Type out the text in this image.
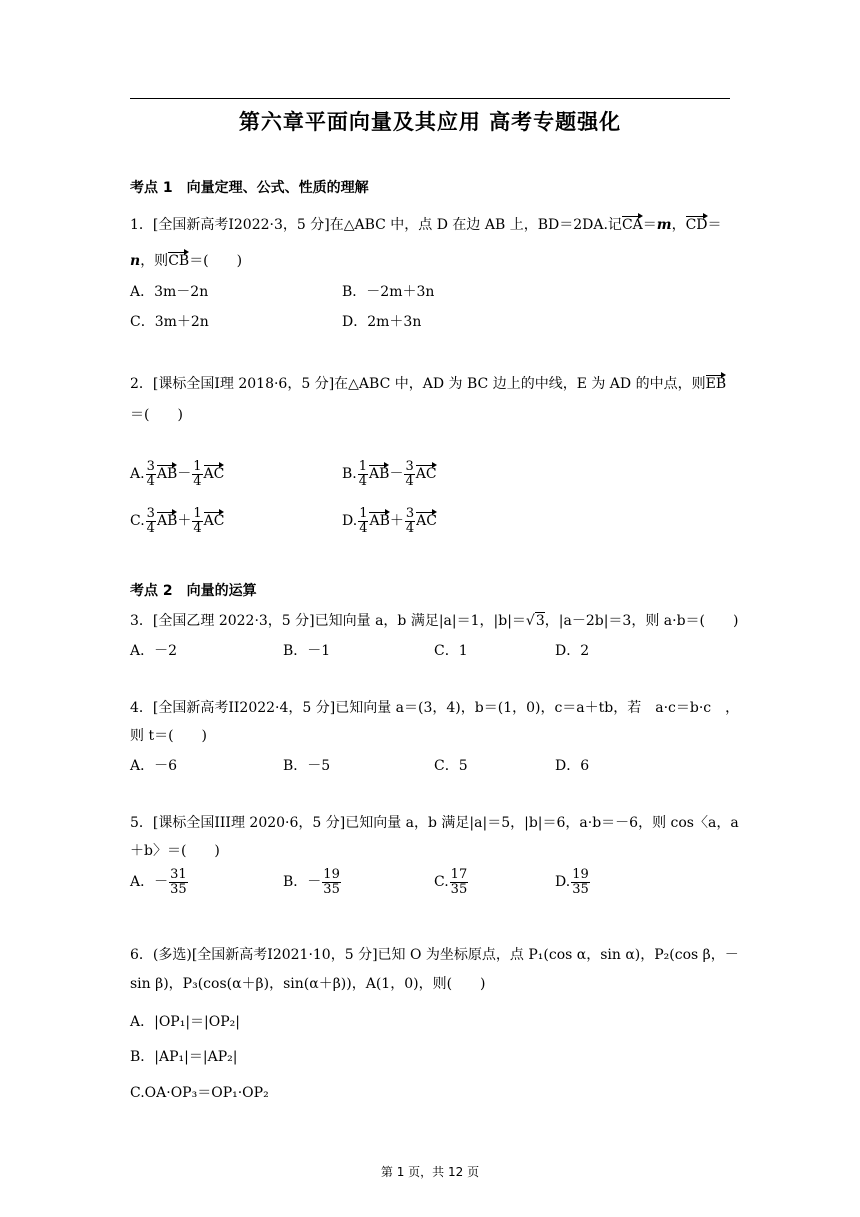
第六章平面向量及其应用 高考专题强化
考点 1　向量定理、公式、性质的理解
1．[全国新高考I2022·3，5 分]在△ABC 中，点 D 在边 AB 上，BD＝2DA.记CA＝m，CD＝
n，则CB＝(　　)
A．3m－2n	B．－2m＋3n
C．3m＋2n	D．2m＋3n
2．[课标全国I理 2018·6，5 分]在△ABC 中，AD 为 BC 边上的中线，E 为 AD 的中点，则EB
＝(　　)
A. $\frac{3}{4} AB- \frac{1}{4}$ AC	B. $\frac{1}{4} AB- \frac{3}{4}$ AC
C. $\frac{3}{4} AB+ \frac{1}{4}$ AC	D. $\frac{1}{4} AB+ \frac{3}{4}$ AC
考点 2　向量的运算
3．[全国乙理 2022·3，5 分]已知向量 a，b 满足|a|＝1，|b|＝√3，|a－2b|＝3，则 a·b＝(　　)
A．－2	B．－1	C．1	D．2
4．[全国新高考II2022·4，5 分]已知向量 a＝(3，4)，b＝(1，0)，c＝a＋tb，若　a·c＝b·c　，
则 t＝(　　)
A．－6	B．－5	C．5	D．6
5．[课标全国III理 2020·6，5 分]已知向量 a，b 满足|a|＝5，|b|＝6，a·b＝－6，则 cos〈a，a
＋b〉＝(　　)
A．－ $\frac{31}{35}$	B．－ $\frac{19}{35}$	C. $\frac{17}{35}$	D. $\frac{19}{35}$
6．(多选)[全国新高考I2021·10，5 分]已知 O 为坐标原点，点 P₁(cos α，sin α)，P₂(cos β，－
sin β)，P₃(cos(α＋β)，sin(α＋β))，A(1，0)，则(　　)
A．|OP₁|＝|OP₂|
B．|AP₁|＝|AP₂|
C.OA·OP₃＝OP₁·OP₂
第 1 页，共 12 页
